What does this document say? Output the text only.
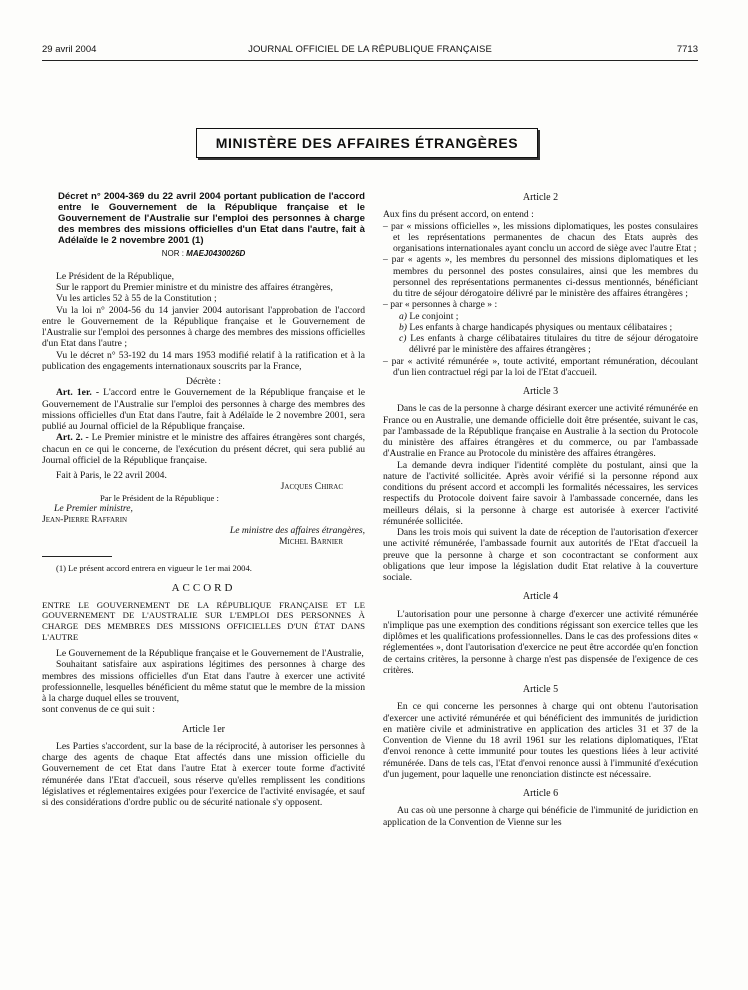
29 avril 2004	JOURNAL OFFICIEL DE LA RÉPUBLIQUE FRANÇAISE	7713
MINISTÈRE DES AFFAIRES ÉTRANGÈRES

Décret n° 2004-369 du 22 avril 2004 portant publication de l'accord entre le Gouvernement de la République française et le Gouvernement de l'Australie sur l'emploi des personnes à charge des membres des missions officielles d'un Etat dans l'autre, fait à Adélaïde le 2 novembre 2001 (1)

NOR : MAEJ0430026D

Le Président de la République,

Sur le rapport du Premier ministre et du ministre des affaires étrangères,

Vu les articles 52 à 55 de la Constitution ;

Vu la loi n° 2004-56 du 14 janvier 2004 autorisant l'approbation de l'accord entre le Gouvernement de la République française et le Gouvernement de l'Australie sur l'emploi des personnes à charge des membres des missions officielles d'un Etat dans l'autre ;

Vu le décret n° 53-192 du 14 mars 1953 modifié relatif à la ratification et à la publication des engagements internationaux souscrits par la France,

Décrète :

Art. 1er. - L'accord entre le Gouvernement de la République française et le Gouvernement de l'Australie sur l'emploi des personnes à charge des membres des missions officielles d'un Etat dans l'autre, fait à Adélaïde le 2 novembre 2001, sera publié au Journal officiel de la République française.

Art. 2. - Le Premier ministre et le ministre des affaires étrangères sont chargés, chacun en ce qui le concerne, de l'exécution du présent décret, qui sera publié au Journal officiel de la République française.

Fait à Paris, le 22 avril 2004.

Jacques Chirac

Par le Président de la République :

Le Premier ministre,

Jean-Pierre Raffarin

Le ministre des affaires étrangères,

Michel Barnier

(1) Le présent accord entrera en vigueur le 1er mai 2004.

ACCORD

ENTRE LE GOUVERNEMENT DE LA RÉPUBLIQUE FRANÇAISE ET LE GOUVERNEMENT DE L'AUSTRALIE SUR L'EMPLOI DES PERSONNES À CHARGE DES MEMBRES DES MISSIONS OFFICIELLES D'UN ÉTAT DANS L'AUTRE

Le Gouvernement de la République française et le Gouvernement de l'Australie,

Souhaitant satisfaire aux aspirations légitimes des personnes à charge des membres des missions officielles d'un Etat dans l'autre à exercer une activité professionnelle, lesquelles bénéficient du même statut que le membre de la mission à la charge duquel elles se trouvent,

sont convenus de ce qui suit :

Article 1er

Les Parties s'accordent, sur la base de la réciprocité, à autoriser les personnes à charge des agents de chaque Etat affectés dans une mission officielle du Gouvernement de cet Etat dans l'autre Etat à exercer toute forme d'activité rémunérée dans l'Etat d'accueil, sous réserve qu'elles remplissent les conditions législatives et réglementaires exigées pour l'exercice de l'activité envisagée, et sauf si des considérations d'ordre public ou de sécurité nationale s'y opposent.

Article 2

Aux fins du présent accord, on entend :

– par « missions officielles », les missions diplomatiques, les postes consulaires et les représentations permanentes de chacun des Etats auprès des organisations internationales ayant conclu un accord de siège avec l'autre Etat ;

– par « agents », les membres du personnel des missions diplomatiques et les membres du personnel des postes consulaires, ainsi que les membres du personnel des représentations permanentes ci-dessus mentionnés, bénéficiant du titre de séjour dérogatoire délivré par le ministère des affaires étrangères ;

– par « personnes à charge » :

a) Le conjoint ;

b) Les enfants à charge handicapés physiques ou mentaux célibataires ;

c) Les enfants à charge célibataires titulaires du titre de séjour dérogatoire délivré par le ministère des affaires étrangères ;

– par « activité rémunérée », toute activité, emportant rémunération, découlant d'un lien contractuel régi par la loi de l'Etat d'accueil.

Article 3

Dans le cas de la personne à charge désirant exercer une activité rémunérée en France ou en Australie, une demande officielle doit être présentée, suivant le cas, par l'ambassade de la République française en Australie à la section du Protocole du ministère des affaires étrangères et du commerce, ou par l'ambassade d'Australie en France au Protocole du ministère des affaires étrangères.

La demande devra indiquer l'identité complète du postulant, ainsi que la nature de l'activité sollicitée. Après avoir vérifié si la personne répond aux conditions du présent accord et accompli les formalités nécessaires, les services respectifs du Protocole doivent faire savoir à l'ambassade concernée, dans les meilleurs délais, si la personne à charge est autorisée à exercer l'activité rémunérée sollicitée.

Dans les trois mois qui suivent la date de réception de l'autorisation d'exercer une activité rémunérée, l'ambassade fournit aux autorités de l'Etat d'accueil la preuve que la personne à charge et son cocontractant se conforment aux obligations que leur impose la législation dudit Etat relative à la couverture sociale.

Article 4

L'autorisation pour une personne à charge d'exercer une activité rémunérée n'implique pas une exemption des conditions régissant son exercice telles que les diplômes et les qualifications professionnelles. Dans le cas des professions dites « réglementées », dont l'autorisation d'exercice ne peut être accordée qu'en fonction de certains critères, la personne à charge n'est pas dispensée de l'exigence de ces critères.

Article 5

En ce qui concerne les personnes à charge qui ont obtenu l'autorisation d'exercer une activité rémunérée et qui bénéficient des immunités de juridiction en matière civile et administrative en application des articles 31 et 37 de la Convention de Vienne du 18 avril 1961 sur les relations diplomatiques, l'Etat d'envoi renonce à cette immunité pour toutes les questions liées à leur activité rémunérée. Dans de tels cas, l'Etat d'envoi renonce aussi à l'immunité d'exécution d'un jugement, pour laquelle une renonciation distincte est nécessaire.

Article 6

Au cas où une personne à charge qui bénéficie de l'immunité de juridiction en application de la Convention de Vienne sur les
